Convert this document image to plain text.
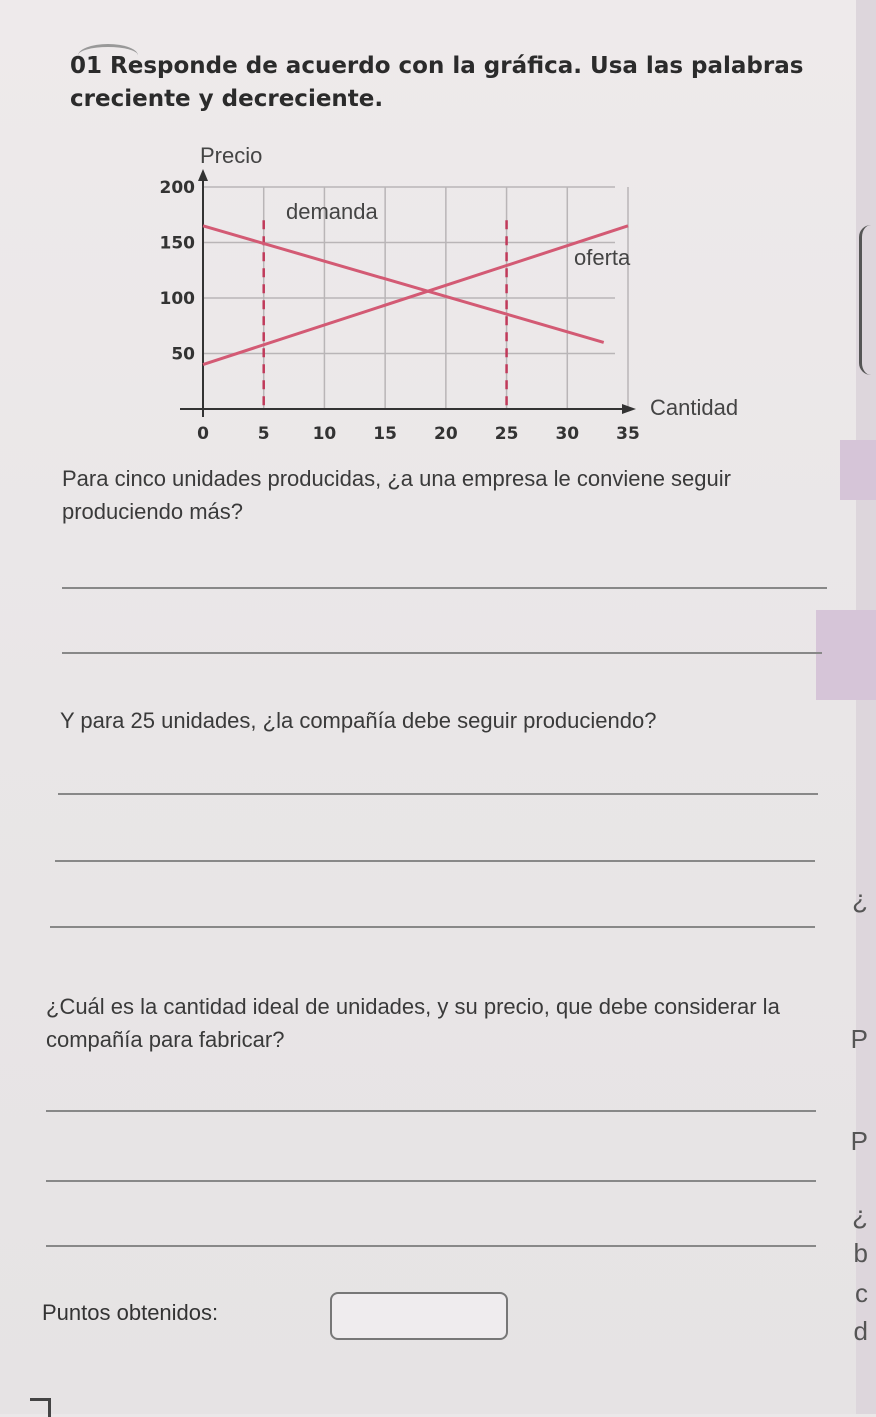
01 Responde de acuerdo con la gráfica. Usa las palabras creciente y decreciente.
0	5	10 15 20 25 30 35
50
100
150
200
Precio
Cantidad
demanda
oferta
Para cinco unidades producidas, ¿a una empresa le conviene seguir produciendo más?
Y para 25 unidades, ¿la compañía debe seguir produciendo?
¿Cuál es la cantidad ideal de unidades, y su precio, que debe considerar la compañía para fabricar?
Puntos obtenidos:
¿
P
P
¿
b
c
d
